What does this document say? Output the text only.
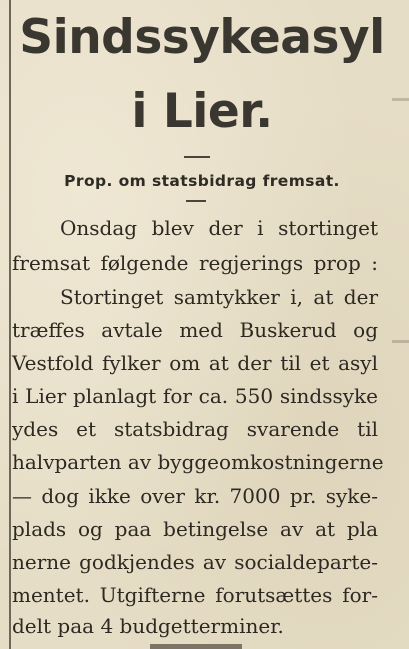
Sindssykeasyl
i Lier.
Prop. om statsbidrag fremsat.
Onsdag blev der i stortinget
fremsat følgende regjerings prop :
Stortinget samtykker i, at der
træffes avtale med Buskerud og
Vestfold fylker om at der til et asyl
i Lier planlagt for ca. 550 sindssyke
ydes et statsbidrag svarende til
halvparten av byggeomkostningerne
— dog ikke over kr. 7000 pr. syke-
plads og paa betingelse av at pla
nerne godkjendes av socialdeparte-
mentet. Utgifterne forutsættes for-
delt paa 4 budgetterminer.
